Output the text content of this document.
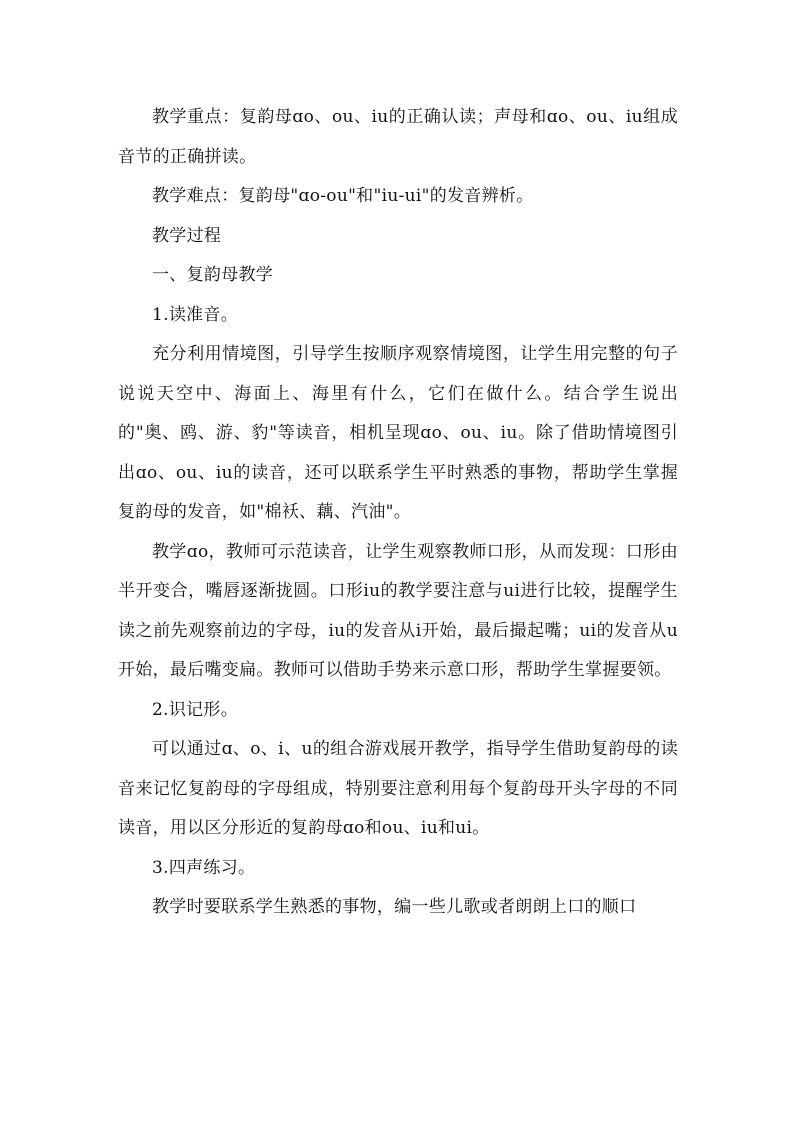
教学重点：复韵母ɑo、ou、iu的正确认读；声母和ɑo、ou、iu组成音节的正确拼读。

教学难点：复韵母"ɑo-ou"和"iu-ui"的发音辨析。

教学过程

一、复韵母教学

1.读准音。

充分利用情境图，引导学生按顺序观察情境图，让学生用完整的句子说说天空中、海面上、海里有什么，它们在做什么。结合学生说出的"奥、鸥、游、豹"等读音，相机呈现ɑo、ou、iu。除了借助情境图引出ɑo、ou、iu的读音，还可以联系学生平时熟悉的事物，帮助学生掌握复韵母的发音，如"棉袄、藕、汽油"。

教学ɑo，教师可示范读音，让学生观察教师口形，从而发现：口形由半开变合，嘴唇逐渐拢圆。口形iu的教学要注意与ui进行比较，提醒学生读之前先观察前边的字母，iu的发音从i开始，最后撮起嘴；ui的发音从u开始，最后嘴变扁。教师可以借助手势来示意口形，帮助学生掌握要领。

2.识记形。

可以通过ɑ、o、i、u的组合游戏展开教学，指导学生借助复韵母的读音来记忆复韵母的字母组成，特别要注意利用每个复韵母开头字母的不同读音，用以区分形近的复韵母ɑo和ou、iu和ui。

3.四声练习。

教学时要联系学生熟悉的事物，编一些儿歌或者朗朗上口的顺口
